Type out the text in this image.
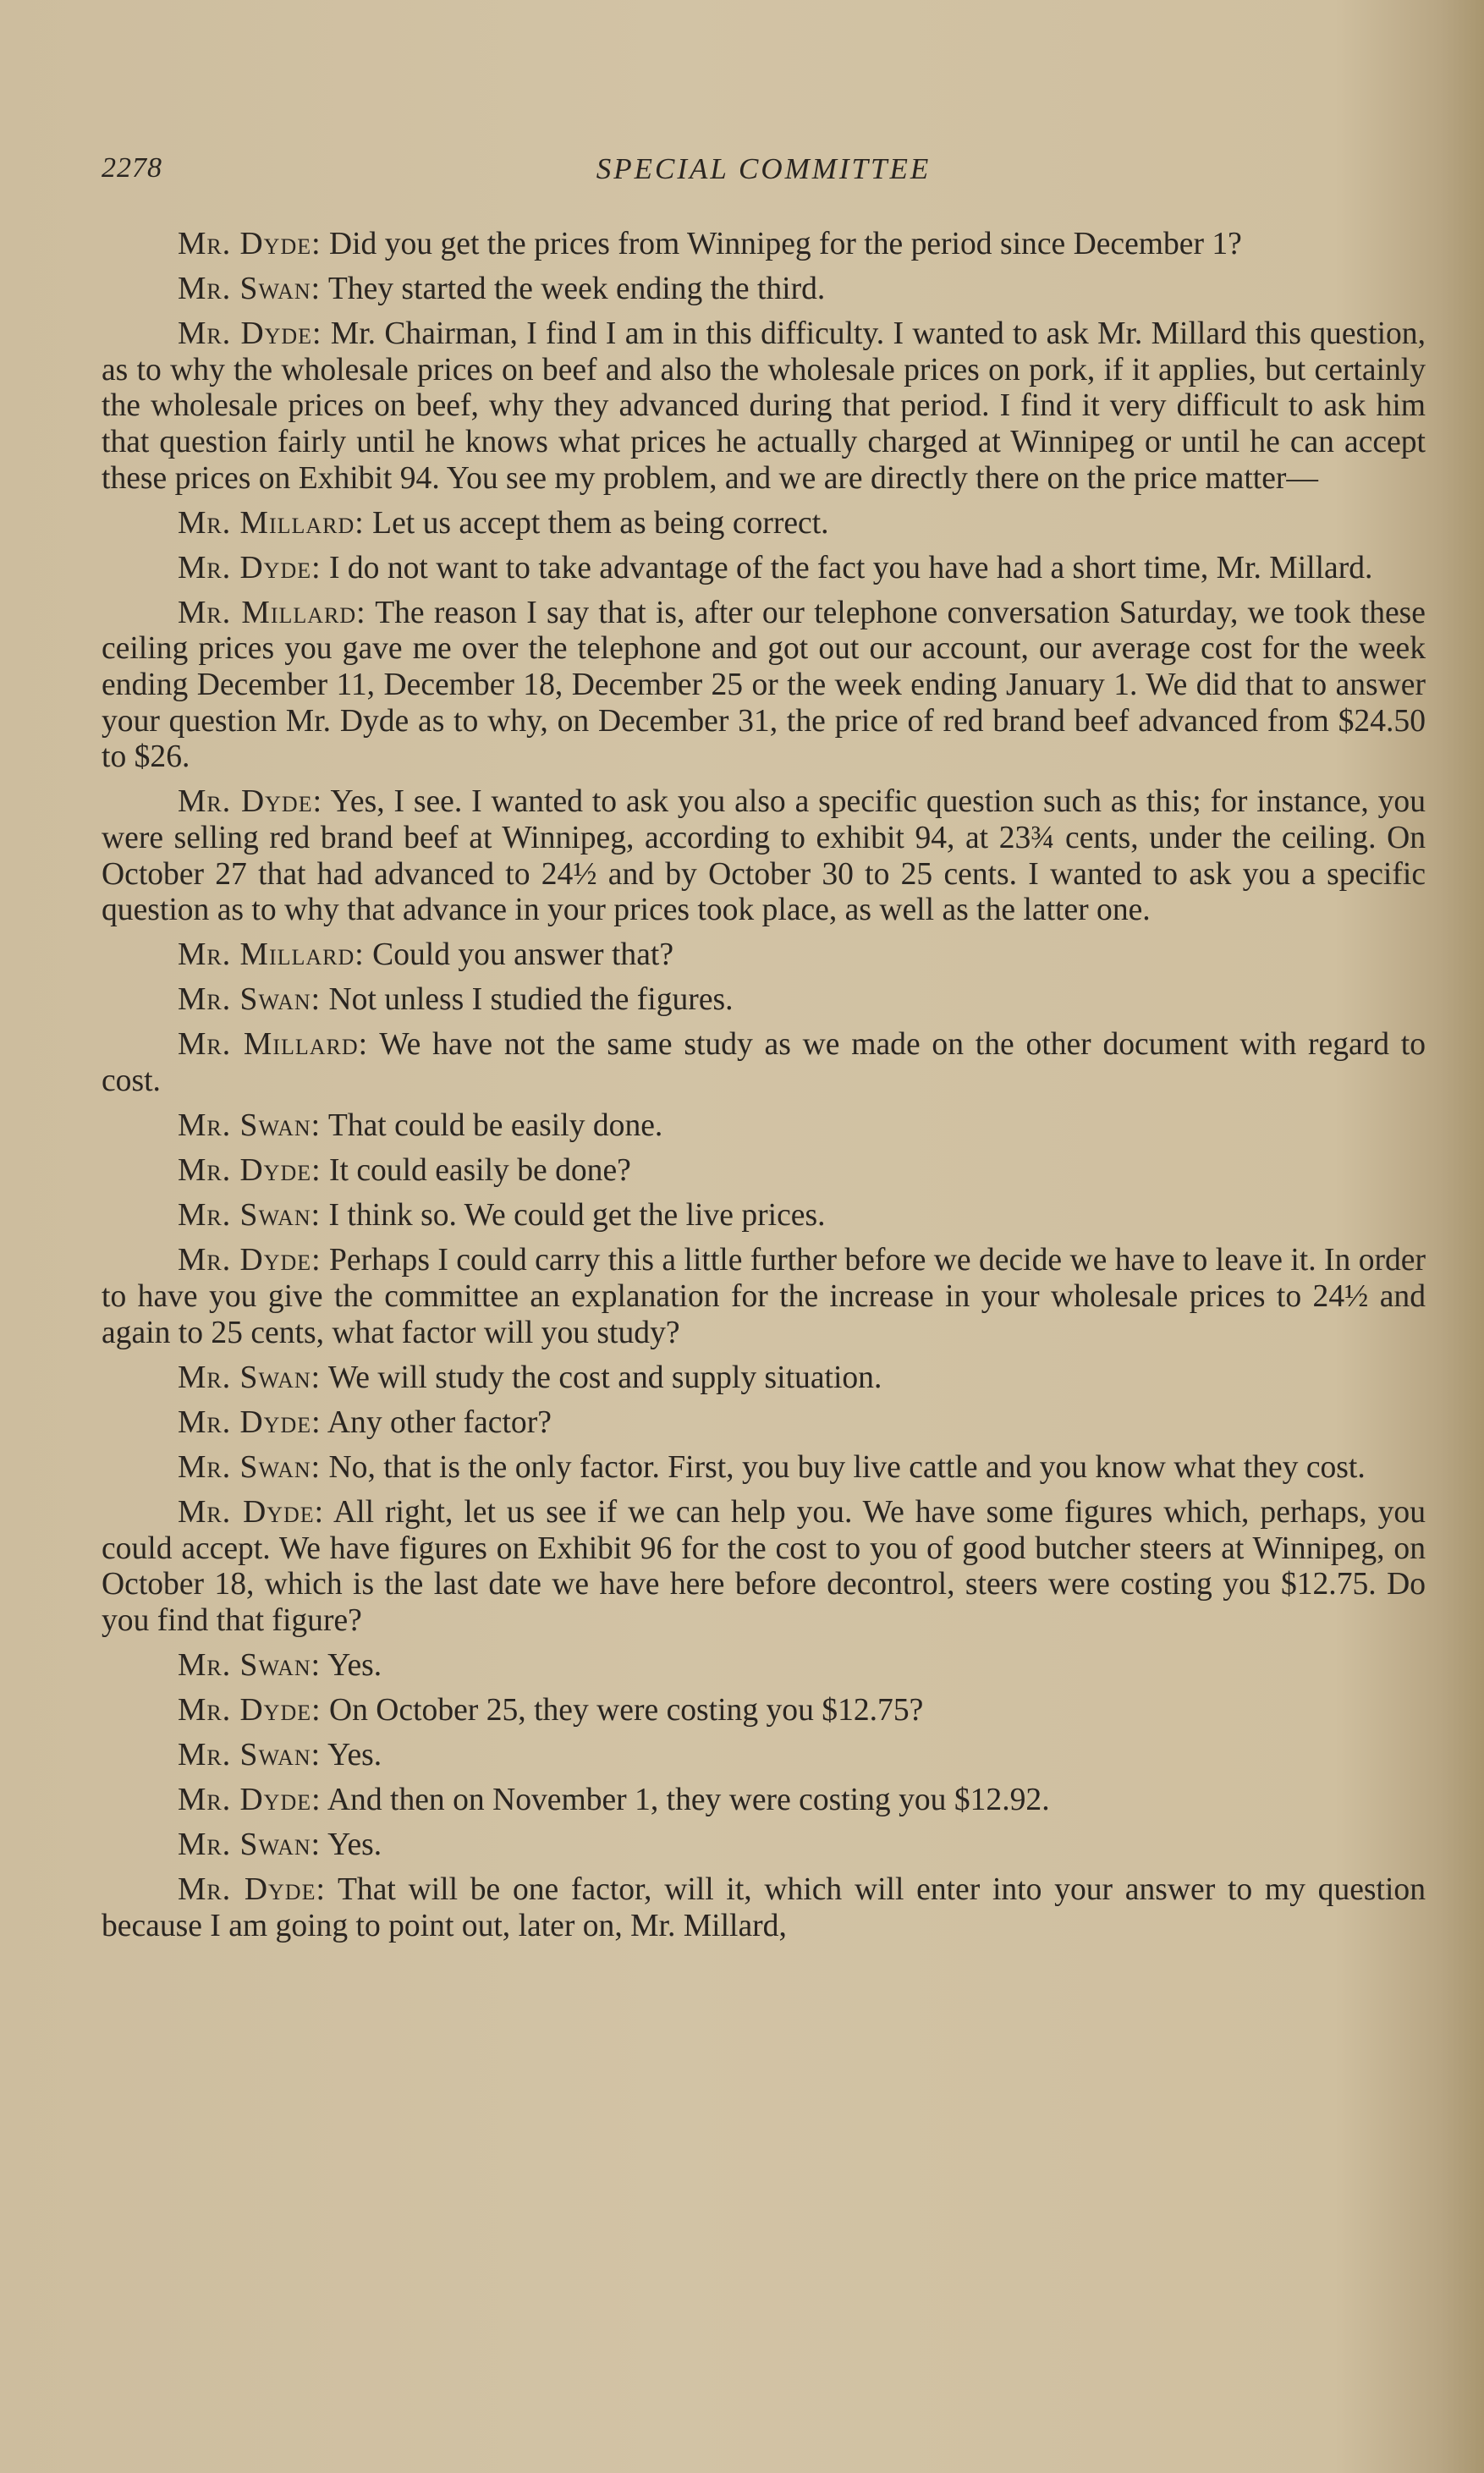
2278	SPECIAL COMMITTEE

Mr. Dyde: Did you get the prices from Winnipeg for the period since December 1?

Mr. Swan: They started the week ending the third.

Mr. Dyde: Mr. Chairman, I find I am in this difficulty. I wanted to ask Mr. Millard this question, as to why the wholesale prices on beef and also the wholesale prices on pork, if it applies, but certainly the wholesale prices on beef, why they advanced during that period. I find it very difficult to ask him that question fairly until he knows what prices he actually charged at Winnipeg or until he can accept these prices on Exhibit 94. You see my problem, and we are directly there on the price matter—

Mr. Millard: Let us accept them as being correct.

Mr. Dyde: I do not want to take advantage of the fact you have had a short time, Mr. Millard.

Mr. Millard: The reason I say that is, after our telephone conversation Saturday, we took these ceiling prices you gave me over the telephone and got out our account, our average cost for the week ending December 11, December 18, December 25 or the week ending January 1. We did that to answer your question Mr. Dyde as to why, on December 31, the price of red brand beef advanced from $24.50 to $26.

Mr. Dyde: Yes, I see. I wanted to ask you also a specific question such as this; for instance, you were selling red brand beef at Winnipeg, according to exhibit 94, at 23¾ cents, under the ceiling. On October 27 that had advanced to 24½ and by October 30 to 25 cents. I wanted to ask you a specific question as to why that advance in your prices took place, as well as the latter one.

Mr. Millard: Could you answer that?

Mr. Swan: Not unless I studied the figures.

Mr. Millard: We have not the same study as we made on the other document with regard to cost.

Mr. Swan: That could be easily done.

Mr. Dyde: It could easily be done?

Mr. Swan: I think so. We could get the live prices.

Mr. Dyde: Perhaps I could carry this a little further before we decide we have to leave it. In order to have you give the committee an explanation for the increase in your wholesale prices to 24½ and again to 25 cents, what factor will you study?

Mr. Swan: We will study the cost and supply situation.

Mr. Dyde: Any other factor?

Mr. Swan: No, that is the only factor. First, you buy live cattle and you know what they cost.

Mr. Dyde: All right, let us see if we can help you. We have some figures which, perhaps, you could accept. We have figures on Exhibit 96 for the cost to you of good butcher steers at Winnipeg, on October 18, which is the last date we have here before decontrol, steers were costing you $12.75. Do you find that figure?

Mr. Swan: Yes.

Mr. Dyde: On October 25, they were costing you $12.75?

Mr. Swan: Yes.

Mr. Dyde: And then on November 1, they were costing you $12.92.

Mr. Swan: Yes.

Mr. Dyde: That will be one factor, will it, which will enter into your answer to my question because I am going to point out, later on, Mr. Millard,
